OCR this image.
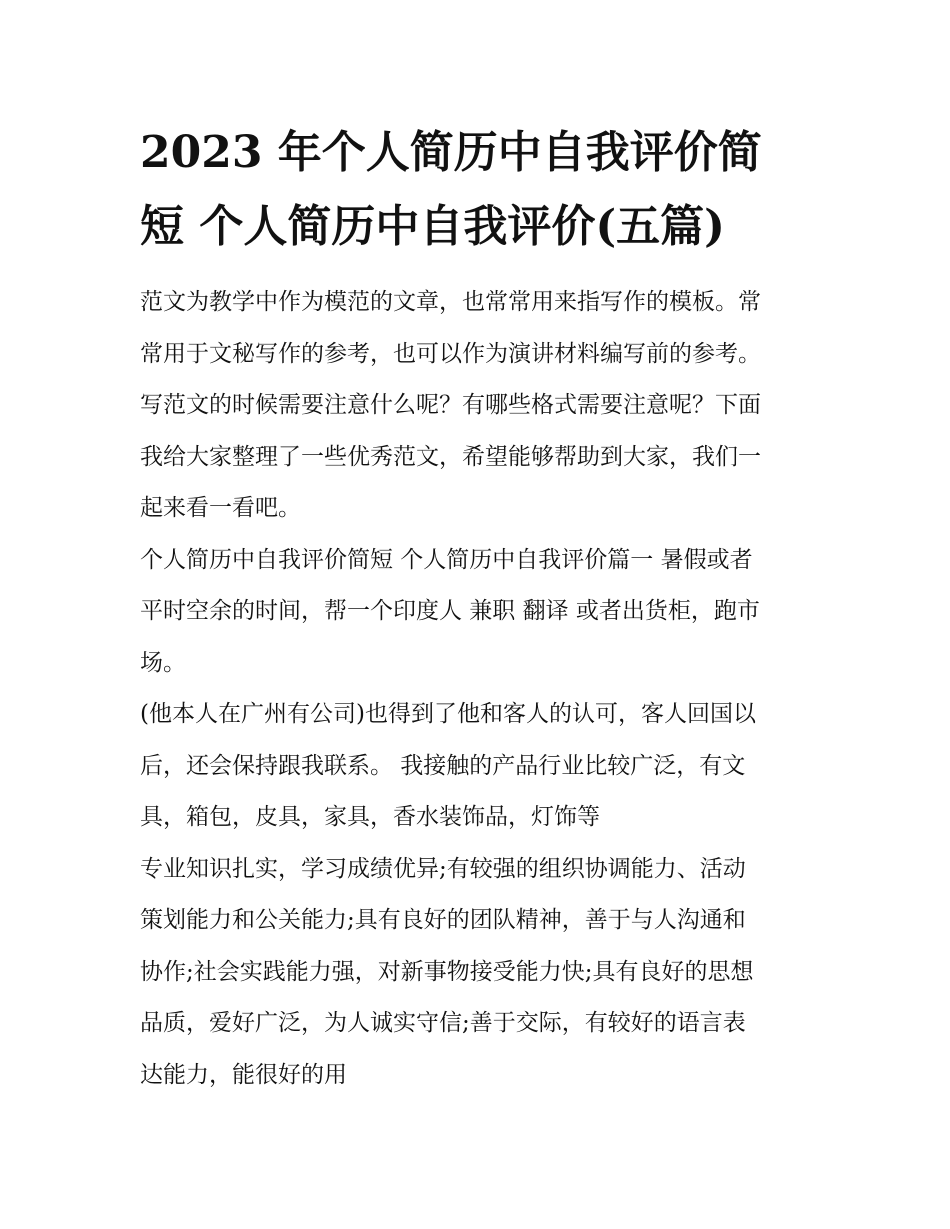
2023 年个人简历中自我评价简
短 个人简历中自我评价(五篇)

范文为教学中作为模范的文章，也常常用来指写作的模板。常
常用于文秘写作的参考，也可以作为演讲材料编写前的参考。
写范文的时候需要注意什么呢？有哪些格式需要注意呢？下面
我给大家整理了一些优秀范文，希望能够帮助到大家，我们一
起来看一看吧。

个人简历中自我评价简短 个人简历中自我评价篇一 暑假或者
平时空余的时间，帮一个印度人 兼职 翻译 或者出货柜，跑市
场。

(他本人在广州有公司)也得到了他和客人的认可，客人回国以
后，还会保持跟我联系。 我接触的产品行业比较广泛，有文
具，箱包，皮具，家具，香水装饰品，灯饰等

专业知识扎实，学习成绩优异;有较强的组织协调能力、活动
策划能力和公关能力;具有良好的团队精神，善于与人沟通和
协作;社会实践能力强，对新事物接受能力快;具有良好的思想
品质，爱好广泛，为人诚实守信;善于交际，有较好的语言表
达能力，能很好的用
